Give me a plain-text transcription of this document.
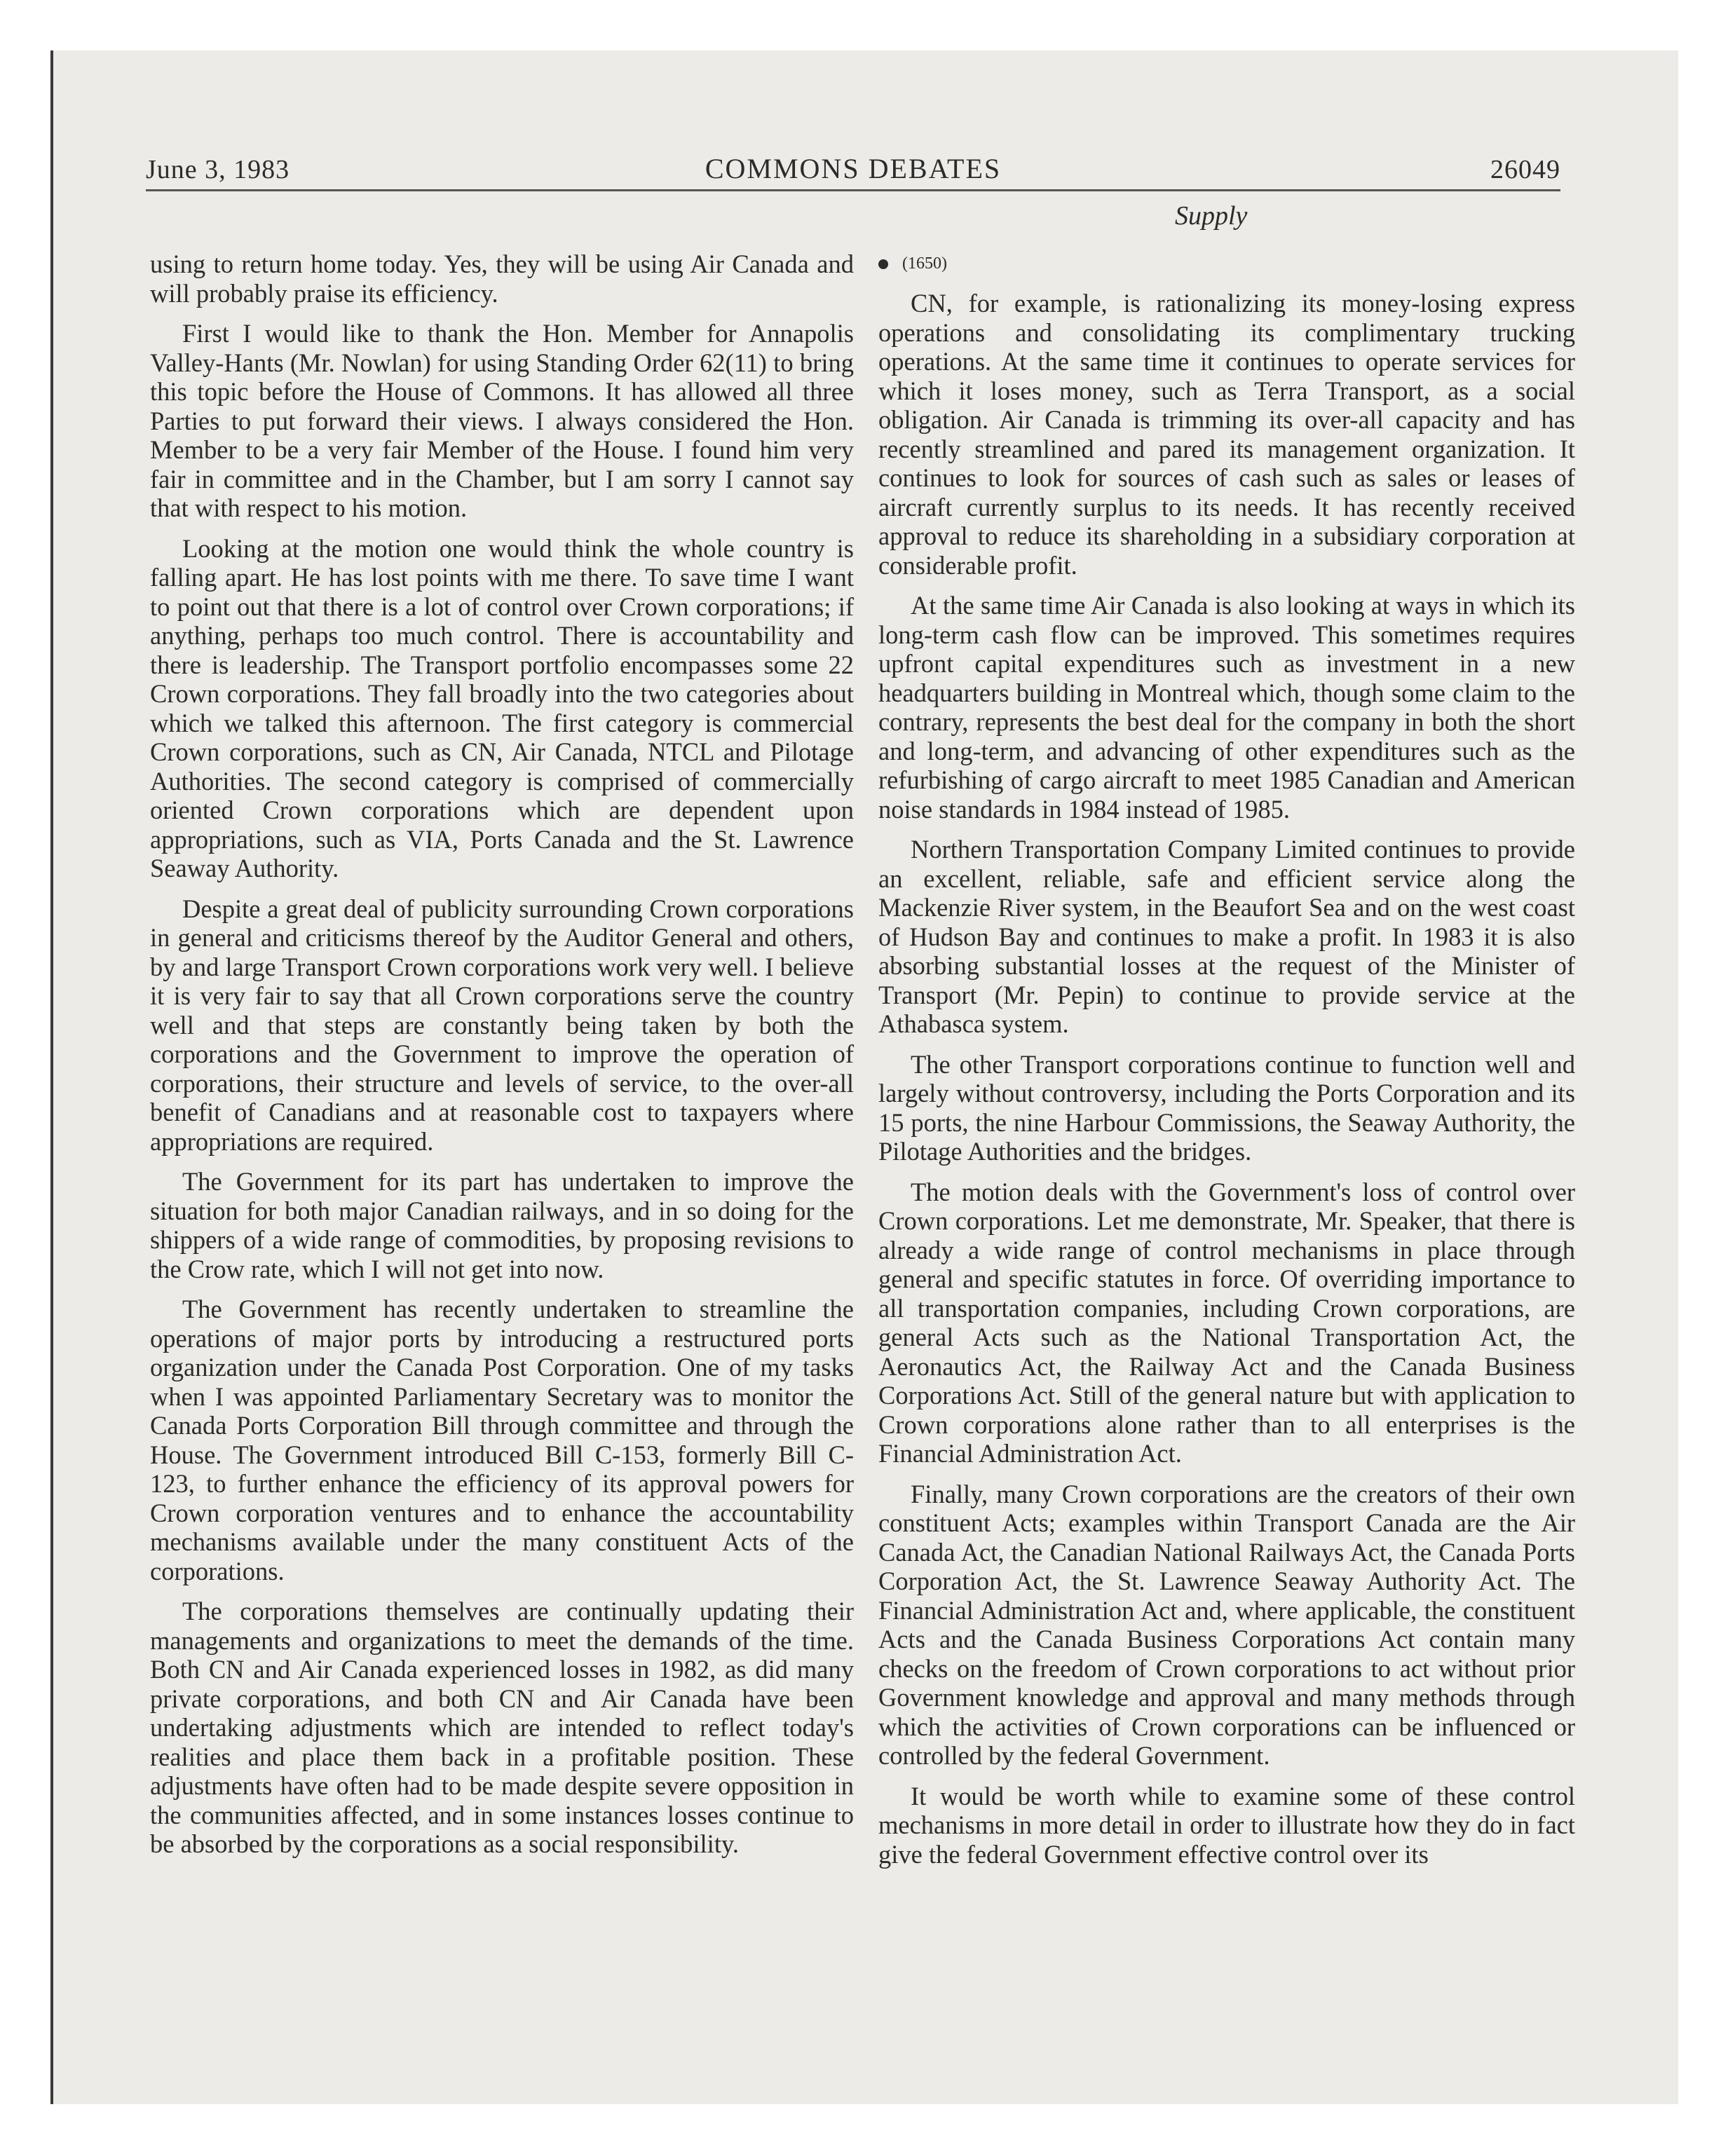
June 3, 1983	COMMONS DEBATES	26049
Supply

using to return home today. Yes, they will be using Air Canada and will probably praise its efficiency.

First I would like to thank the Hon. Member for Annapolis Valley-Hants (Mr. Nowlan) for using Standing Order 62(11) to bring this topic before the House of Commons. It has allowed all three Parties to put forward their views. I always considered the Hon. Member to be a very fair Member of the House. I found him very fair in committee and in the Chamber, but I am sorry I cannot say that with respect to his motion.

Looking at the motion one would think the whole country is falling apart. He has lost points with me there. To save time I want to point out that there is a lot of control over Crown corporations; if anything, perhaps too much control. There is accountability and there is leadership. The Transport portfolio encompasses some 22 Crown corporations. They fall broadly into the two categories about which we talked this afternoon. The first category is commercial Crown corporations, such as CN, Air Canada, NTCL and Pilotage Authorities. The second category is comprised of commercially oriented Crown corporations which are dependent upon appropriations, such as VIA, Ports Canada and the St. Lawrence Seaway Authority.

Despite a great deal of publicity surrounding Crown corporations in general and criticisms thereof by the Auditor General and others, by and large Transport Crown corporations work very well. I believe it is very fair to say that all Crown corporations serve the country well and that steps are constantly being taken by both the corporations and the Government to improve the operation of corporations, their structure and levels of service, to the over-all benefit of Canadians and at reasonable cost to taxpayers where appropriations are required.

The Government for its part has undertaken to improve the situation for both major Canadian railways, and in so doing for the shippers of a wide range of commodities, by proposing revisions to the Crow rate, which I will not get into now.

The Government has recently undertaken to streamline the operations of major ports by introducing a restructured ports organization under the Canada Post Corporation. One of my tasks when I was appointed Parliamentary Secretary was to monitor the Canada Ports Corporation Bill through committee and through the House. The Government introduced Bill C-153, formerly Bill C-123, to further enhance the efficiency of its approval powers for Crown corporation ventures and to enhance the accountability mechanisms available under the many constituent Acts of the corporations.

The corporations themselves are continually updating their managements and organizations to meet the demands of the time. Both CN and Air Canada experienced losses in 1982, as did many private corporations, and both CN and Air Canada have been undertaking adjustments which are intended to reflect today's realities and place them back in a profitable position. These adjustments have often had to be made despite severe opposition in the communities affected, and in some instances losses continue to be absorbed by the corporations as a social responsibility.

(1650)

CN, for example, is rationalizing its money-losing express operations and consolidating its complimentary trucking operations. At the same time it continues to operate services for which it loses money, such as Terra Transport, as a social obligation. Air Canada is trimming its over-all capacity and has recently streamlined and pared its management organization. It continues to look for sources of cash such as sales or leases of aircraft currently surplus to its needs. It has recently received approval to reduce its shareholding in a subsidiary corporation at considerable profit.

At the same time Air Canada is also looking at ways in which its long-term cash flow can be improved. This sometimes requires upfront capital expenditures such as investment in a new headquarters building in Montreal which, though some claim to the contrary, represents the best deal for the company in both the short and long-term, and advancing of other expenditures such as the refurbishing of cargo aircraft to meet 1985 Canadian and American noise standards in 1984 instead of 1985.

Northern Transportation Company Limited continues to provide an excellent, reliable, safe and efficient service along the Mackenzie River system, in the Beaufort Sea and on the west coast of Hudson Bay and continues to make a profit. In 1983 it is also absorbing substantial losses at the request of the Minister of Transport (Mr. Pepin) to continue to provide service at the Athabasca system.

The other Transport corporations continue to function well and largely without controversy, including the Ports Corporation and its 15 ports, the nine Harbour Commissions, the Seaway Authority, the Pilotage Authorities and the bridges.

The motion deals with the Government's loss of control over Crown corporations. Let me demonstrate, Mr. Speaker, that there is already a wide range of control mechanisms in place through general and specific statutes in force. Of overriding importance to all transportation companies, including Crown corporations, are general Acts such as the National Transportation Act, the Aeronautics Act, the Railway Act and the Canada Business Corporations Act. Still of the general nature but with application to Crown corporations alone rather than to all enterprises is the Financial Administration Act.

Finally, many Crown corporations are the creators of their own constituent Acts; examples within Transport Canada are the Air Canada Act, the Canadian National Railways Act, the Canada Ports Corporation Act, the St. Lawrence Seaway Authority Act. The Financial Administration Act and, where applicable, the constituent Acts and the Canada Business Corporations Act contain many checks on the freedom of Crown corporations to act without prior Government knowledge and approval and many methods through which the activities of Crown corporations can be influenced or controlled by the federal Government.

It would be worth while to examine some of these control mechanisms in more detail in order to illustrate how they do in fact give the federal Government effective control over its
